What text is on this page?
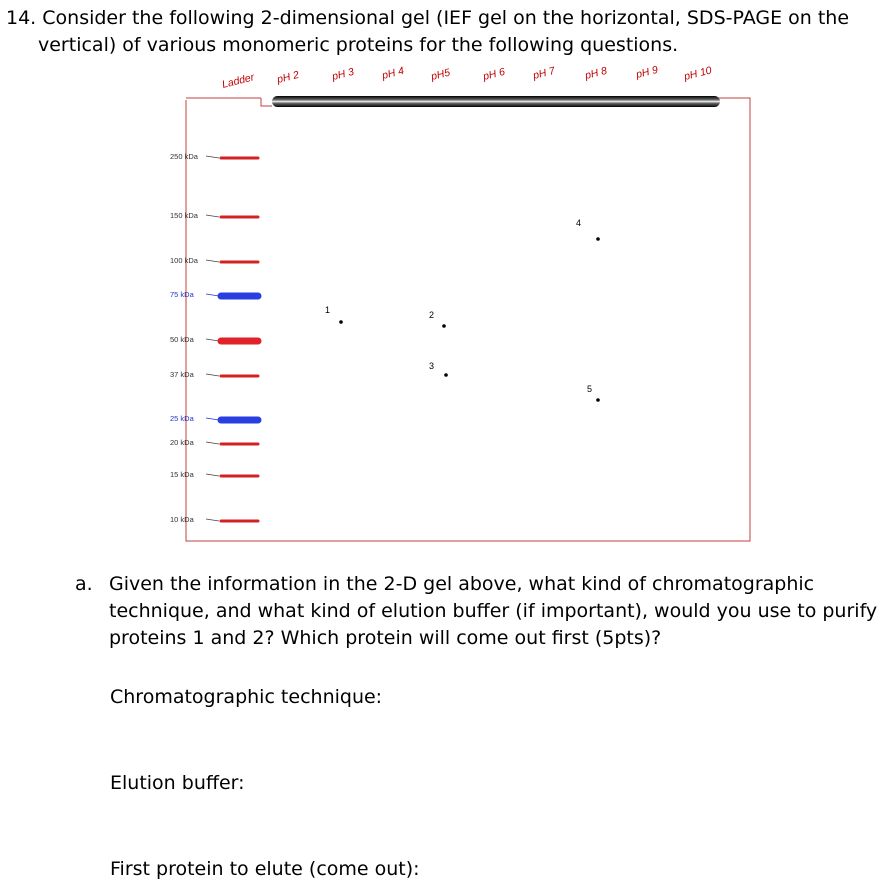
14. Consider the following 2-dimensional gel (IEF gel on the horizontal, SDS-PAGE on the
vertical) of various monomeric proteins for the following questions.
Ladder pH 2	pH 3 pH 4 pH5	pH 6 pH 7	pH 8	pH 9 pH 10
250 kDa
150 kDa
100 kDa
75 kDa
50 kDa
37 kDa
25 kDa
20 kDa
15 kDa
10 kDa
1	2
3
4
5
a. Given the information in the 2-D gel above, what kind of chromatographic
technique, and what kind of elution buffer (if important), would you use to purify
proteins 1 and 2? Which protein will come out first (5pts)?
Chromatographic technique:
Elution buffer:
First protein to elute (come out):
